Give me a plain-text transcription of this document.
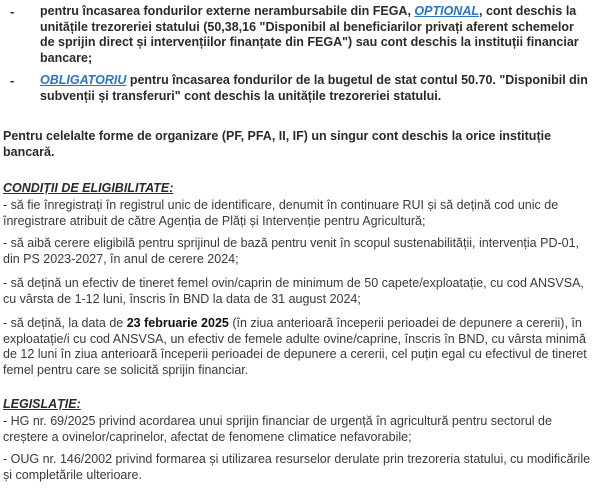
- pentru încasarea fondurilor externe nerambursabile din FEGA, OPTIONAL, cont deschis la unitățile trezoreriei statului (50,38,16 "Disponibil al beneficiarilor privați aferent schemelor de sprijin direct și intervențiilor finanțate din FEGA") sau cont deschis la instituții financiar bancare;
- OBLIGATORIU pentru încasarea fondurilor de la bugetul de stat contul 50.70. "Disponibil din subvenții și transferuri" cont deschis la unitățile trezoreriei statului.
Pentru celelalte forme de organizare (PF, PFA, II, IF) un singur cont deschis la orice instituție bancară.
CONDIȚII DE ELIGIBILITATE:
- să fie înregistrați în registrul unic de identificare, denumit în continuare RUI și să dețină cod unic de înregistrare atribuit de către Agenția de Plăți și Intervenție pentru Agricultură;
- să aibă cerere eligibilă pentru sprijinul de bază pentru venit în scopul sustenabilității, intervenția PD-01, din PS 2023-2027, în anul de cerere 2024;
- să dețină un efectiv de tineret femel ovin/caprin de minimum de 50 capete/exploatație, cu cod ANSVSA, cu vârsta de 1-12 luni, înscris în BND la data de 31 august 2024;
- să dețină, la data de 23 februarie 2025 (în ziua anterioară începerii perioadei de depunere a cererii), în exploatație/i cu cod ANSVSA, un efectiv de femele adulte ovine/caprine, înscris în BND, cu vârsta minimă de 12 luni în ziua anterioară începerii perioadei de depunere a cererii, cel puțin egal cu efectivul de tineret femel pentru care se solicită sprijin financiar.
LEGISLAȚIE:
- HG nr. 69/2025 privind acordarea unui sprijin financiar de urgență în agricultură pentru sectorul de creștere a ovinelor/caprinelor, afectat de fenomene climatice nefavorabile;
- OUG nr. 146/2002 privind formarea și utilizarea resurselor derulate prin trezoreria statului, cu modificările și completările ulterioare.
